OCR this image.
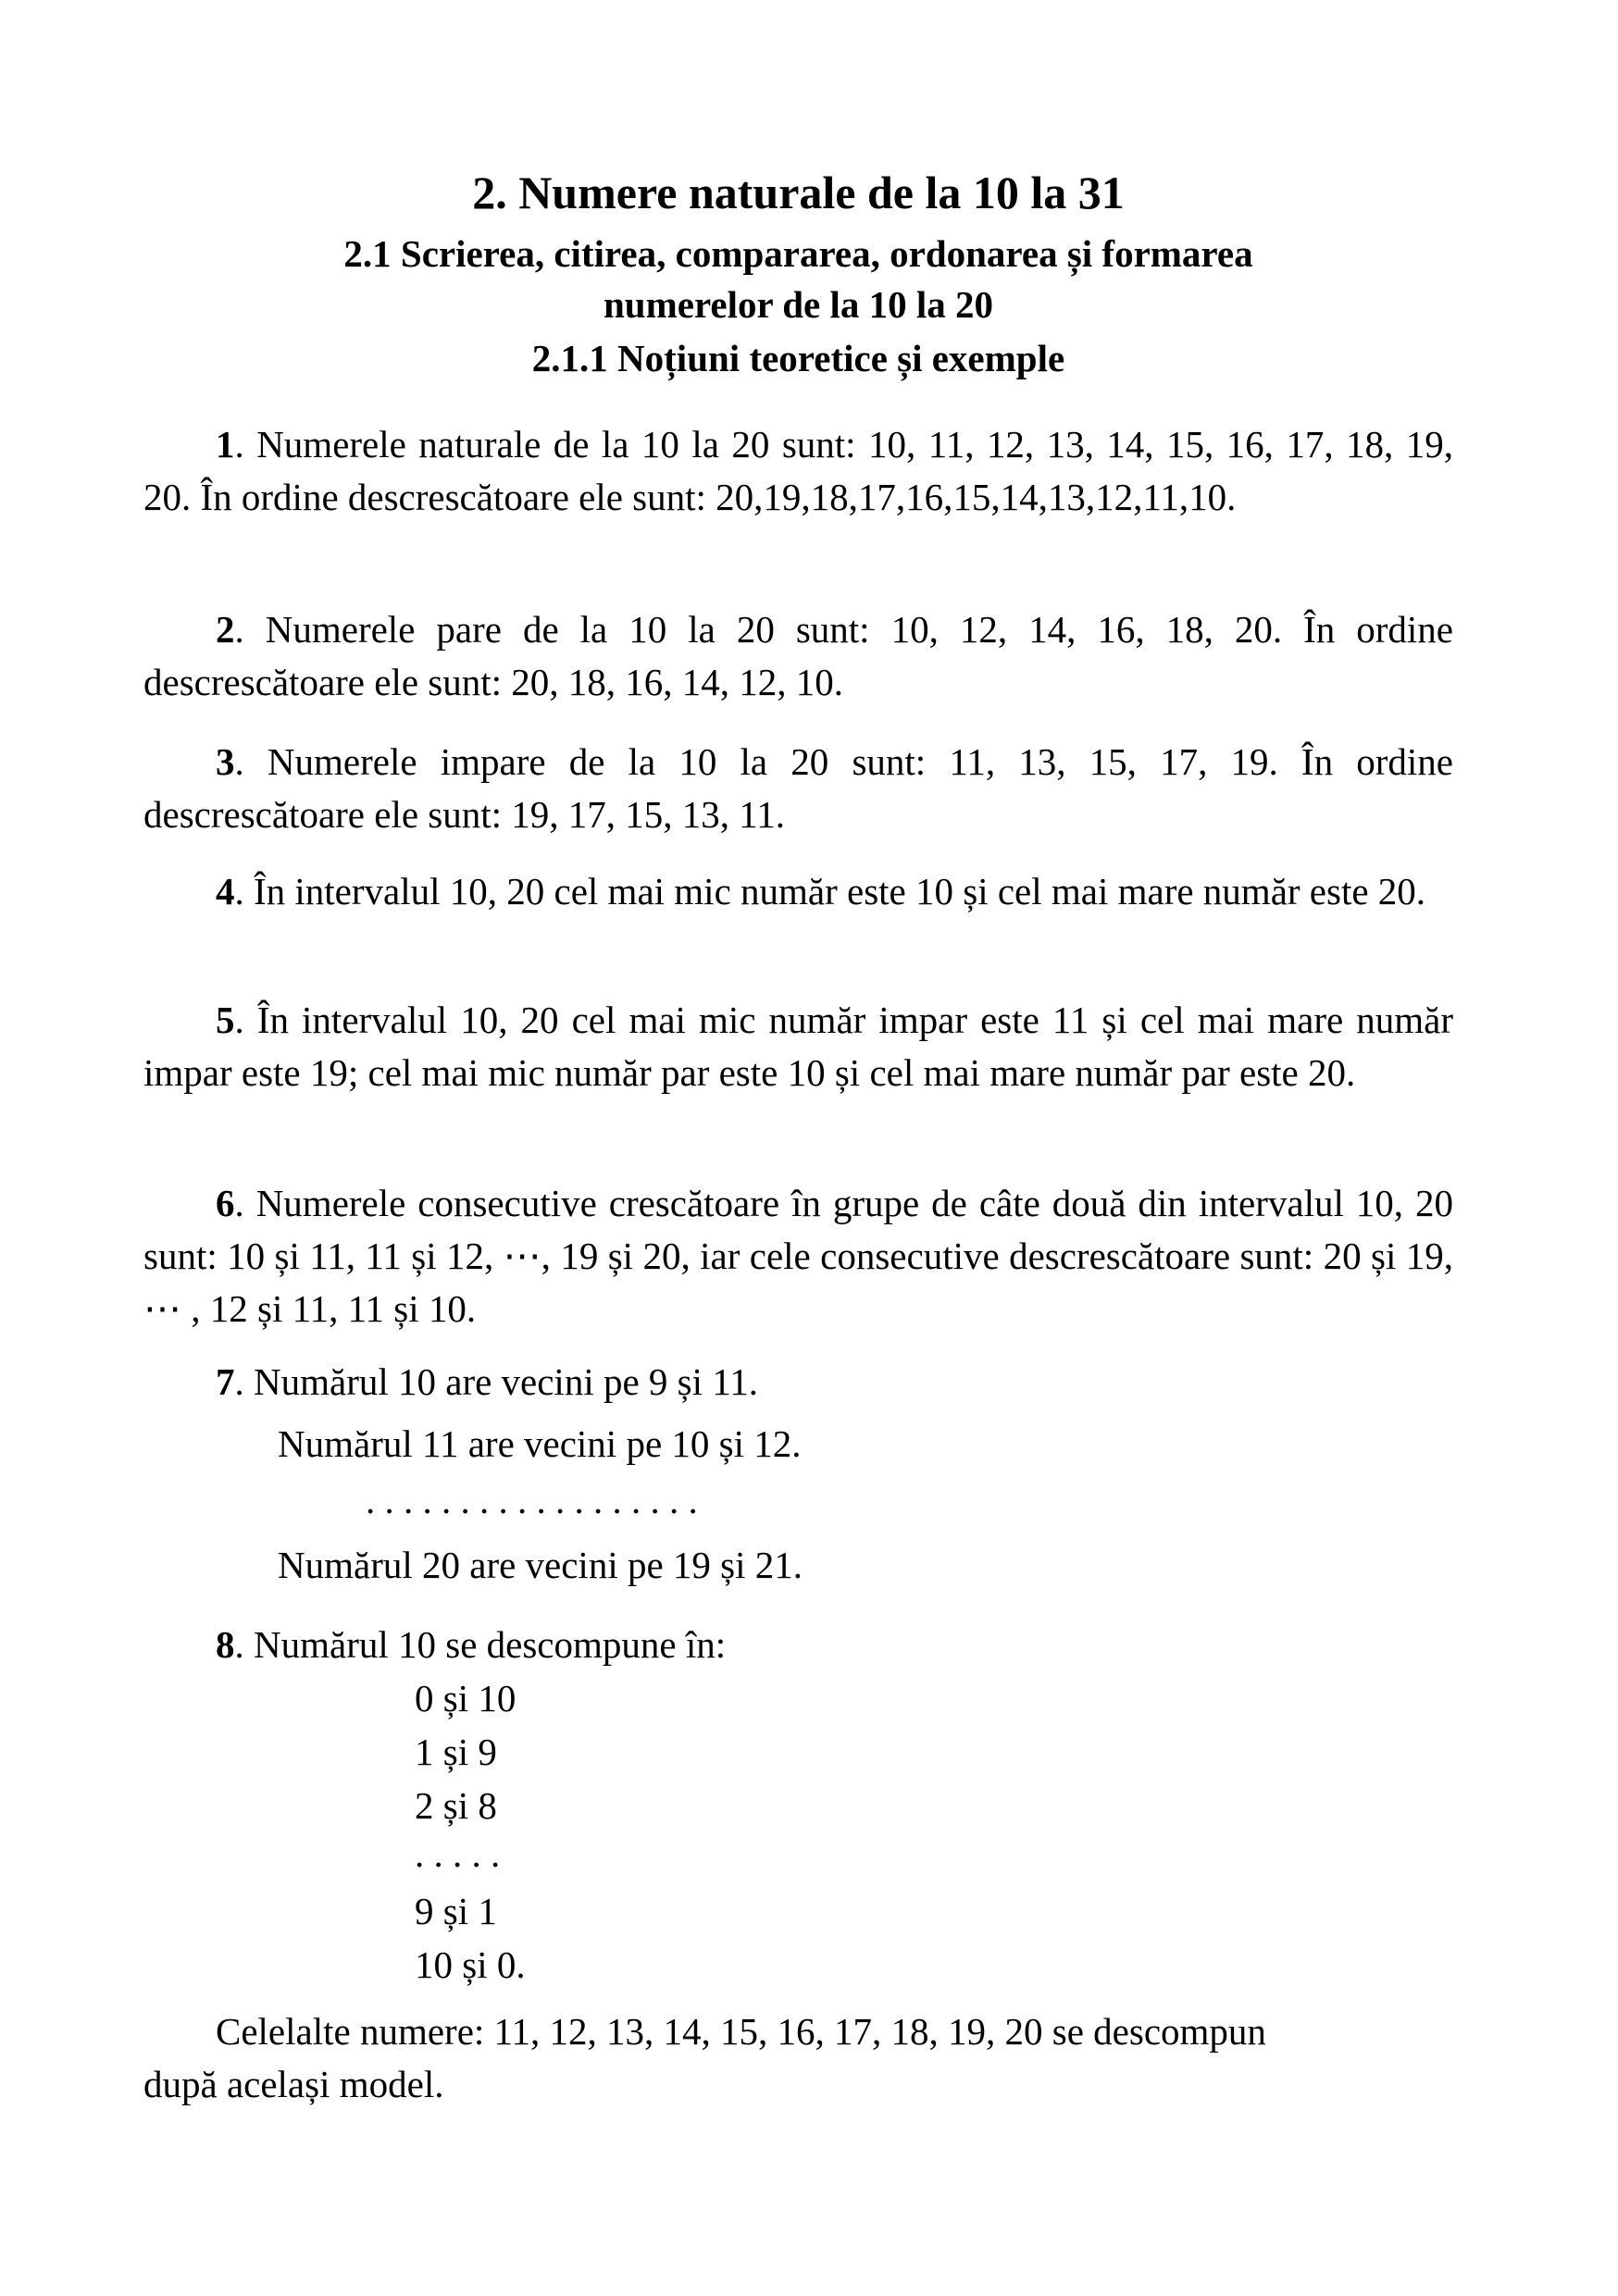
2. Numere naturale de la 10 la 31
2.1 Scrierea, citirea, compararea, ordonarea și formarea
numerelor de la 10 la 20
2.1.1 Noțiuni teoretice și exemple
1. Numerele naturale de la 10 la 20 sunt: 10, 11, 12, 13, 14, 15, 16, 17, 18, 19, 20. În ordine descrescătoare ele sunt: 20,19,18,17,16,15,14,13,12,11,10.
2. Numerele pare de la 10 la 20 sunt: 10, 12, 14, 16, 18, 20. În ordine descrescătoare ele sunt: 20, 18, 16, 14, 12, 10.
3. Numerele impare de la 10 la 20 sunt: 11, 13, 15, 17, 19. În ordine descrescătoare ele sunt: 19, 17, 15, 13, 11.
4. În intervalul 10, 20 cel mai mic număr este 10 și cel mai mare număr este 20.
5. În intervalul 10, 20 cel mai mic număr impar este 11 și cel mai mare număr impar este 19; cel mai mic număr par este 10 și cel mai mare număr par este 20.
6. Numerele consecutive crescătoare în grupe de câte două din intervalul 10, 20 sunt: 10 și 11, 11 și 12, ⋯, 19 și 20, iar cele consecutive descrescătoare sunt: 20 și 19, ⋯ , 12 și 11, 11 și 10.
7. Numărul 10 are vecini pe 9 și 11.
Numărul 11 are vecini pe 10 și 12.
. . . . . . . . . . . . . . . . . .
Numărul 20 are vecini pe 19 și 21.
8. Numărul 10 se descompune în:
0 și 10
1 și 9
2 și 8
. . . . .
9 și 1
10 și 0.
Celelalte numere: 11, 12, 13, 14, 15, 16, 17, 18, 19, 20 se descompun după același model.
